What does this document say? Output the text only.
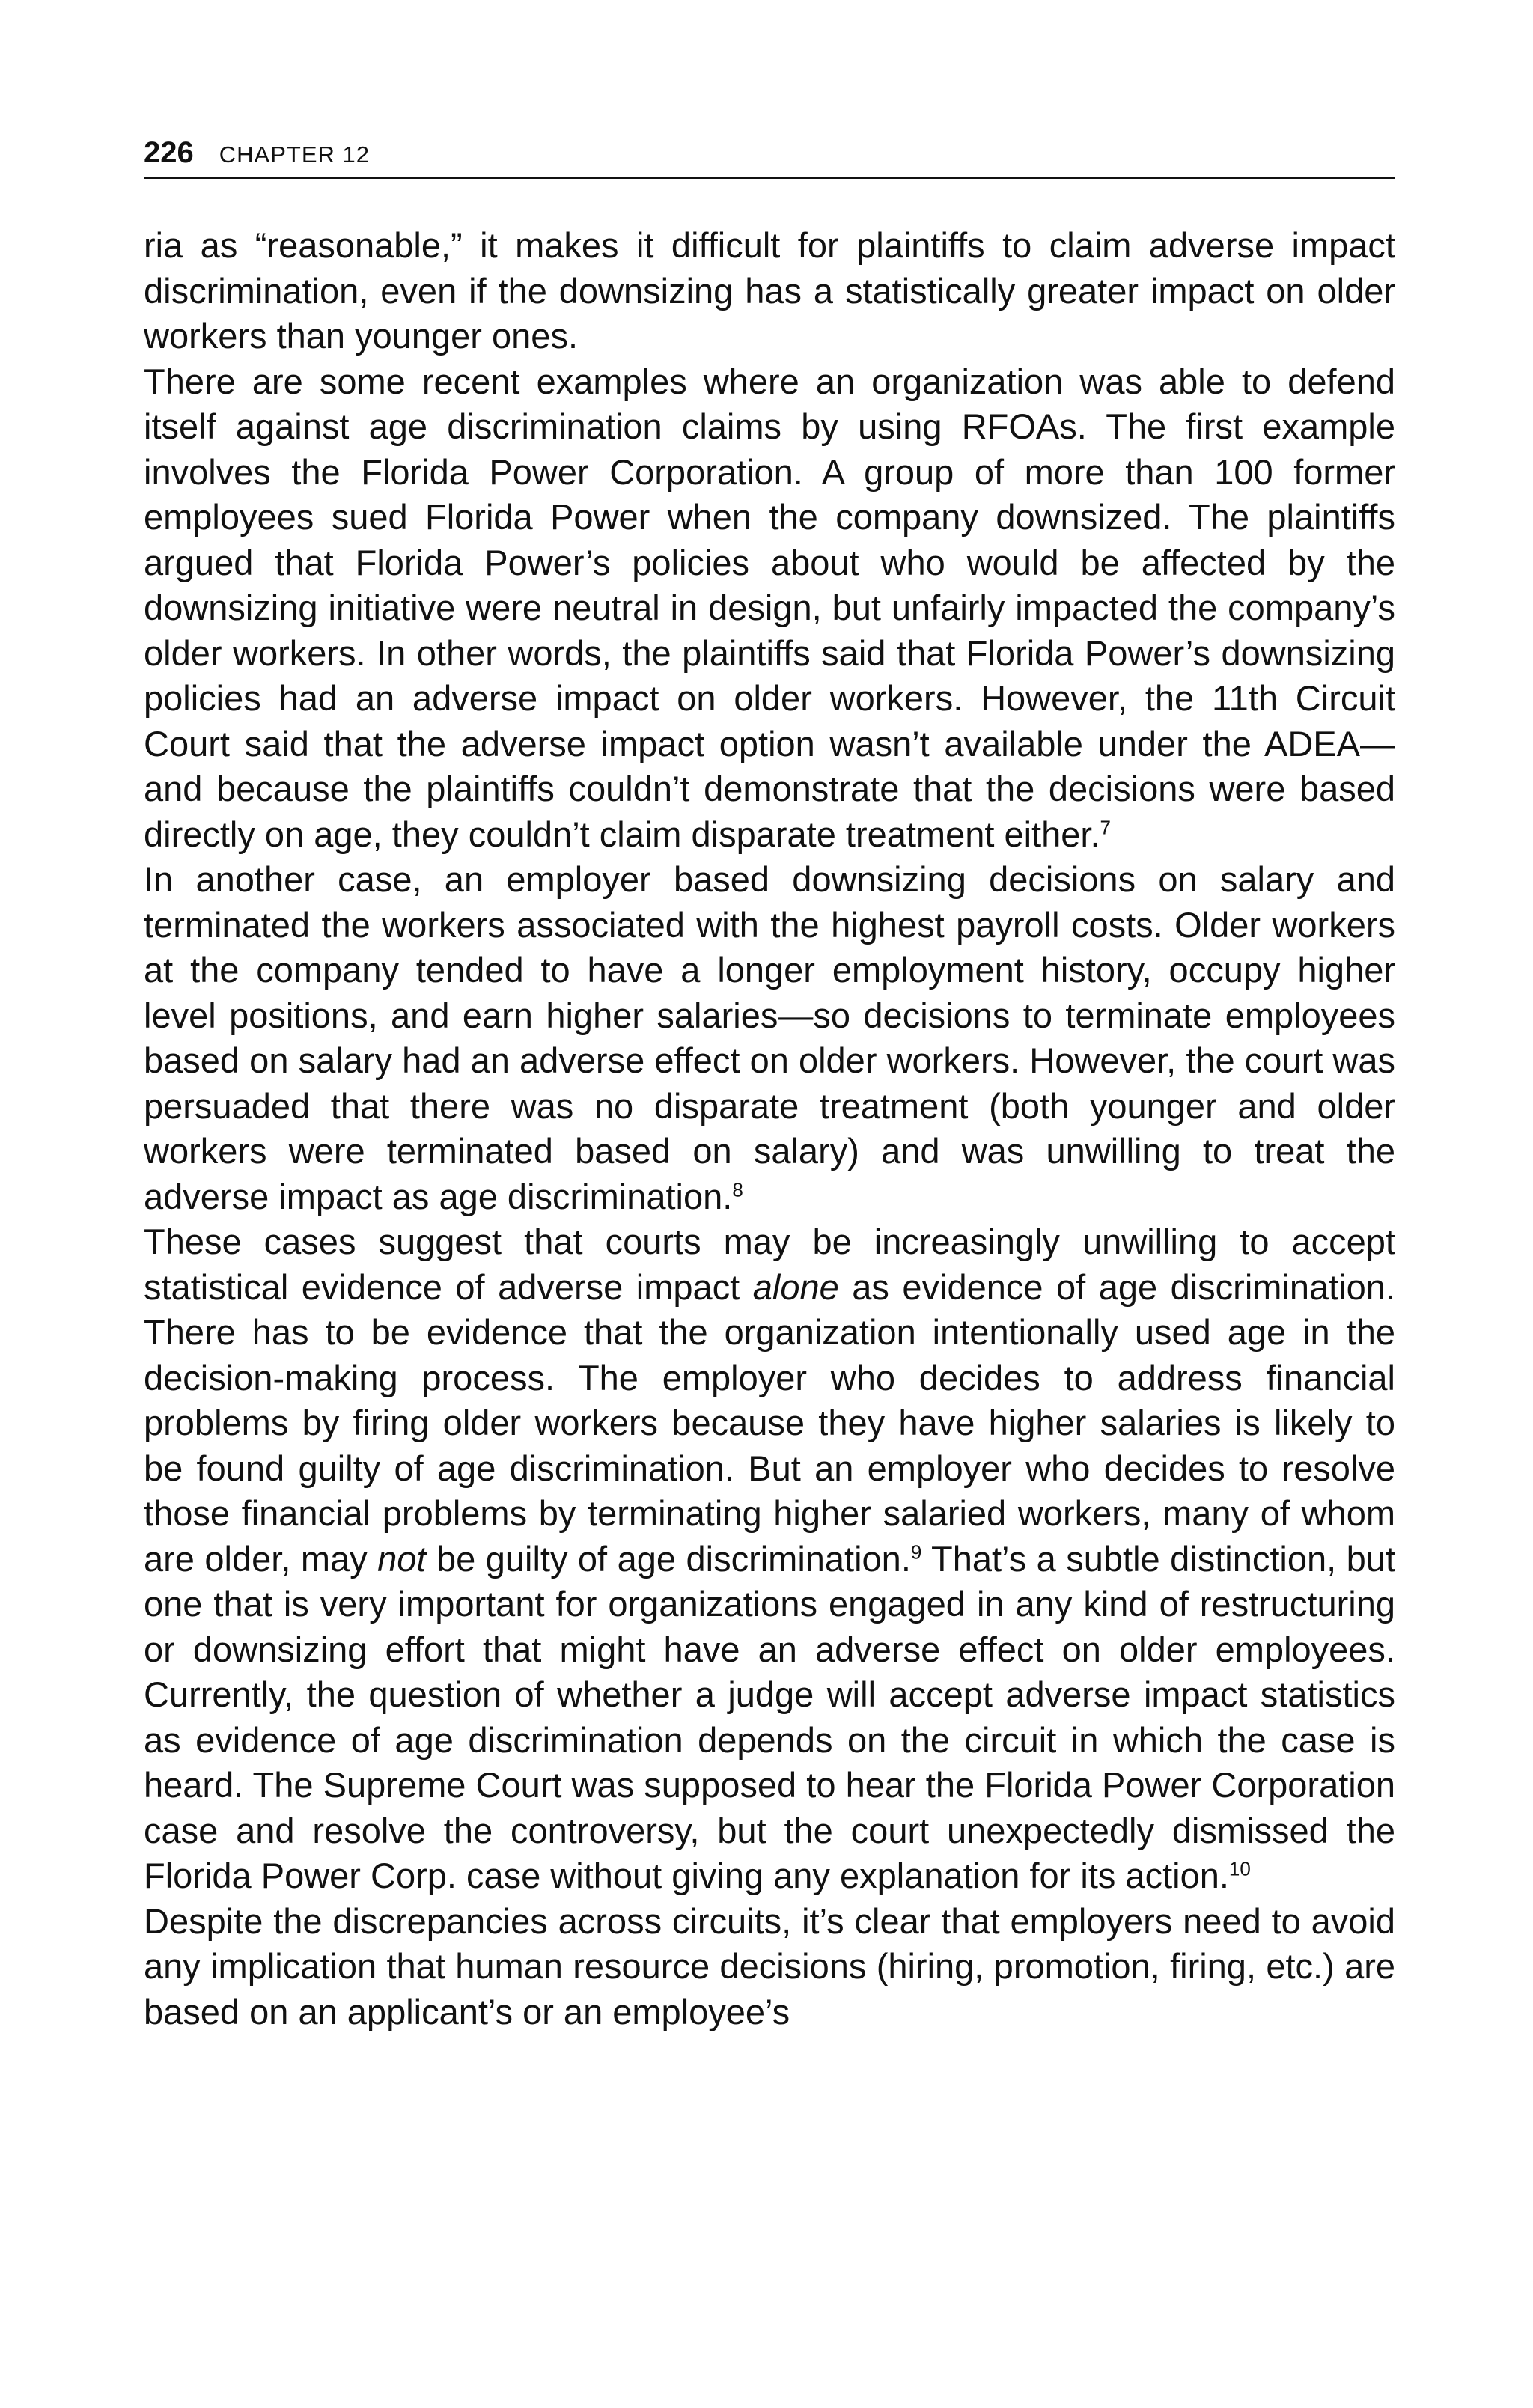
226 CHAPTER 12

ria as “reasonable,” it makes it difficult for plaintiffs to claim adverse impact discrimination, even if the downsizing has a statistically greater impact on older workers than younger ones.

There are some recent examples where an organization was able to defend itself against age discrimination claims by using RFOAs. The first example involves the Florida Power Corporation. A group of more than 100 former employees sued Florida Power when the company downsized. The plaintiffs argued that Florida Power’s policies about who would be affected by the downsizing initiative were neutral in design, but unfairly impacted the company’s older workers. In other words, the plaintiffs said that Florida Power’s downsizing policies had an adverse impact on older workers. However, the 11th Circuit Court said that the adverse impact option wasn’t available under the ADEA—and because the plaintiffs couldn’t demonstrate that the decisions were based directly on age, they couldn’t claim disparate treatment either.$^7$

In another case, an employer based downsizing decisions on salary and terminated the workers associated with the highest payroll costs. Older workers at the company tended to have a longer employment history, occupy higher level positions, and earn higher salaries—so decisions to terminate employees based on salary had an adverse effect on older workers. However, the court was persuaded that there was no disparate treatment (both younger and older workers were terminated based on salary) and was unwilling to treat the adverse impact as age discrimination.$^8$

These cases suggest that courts may be increasingly unwilling to accept statistical evidence of adverse impact alone as evidence of age discrimination. There has to be evidence that the organization intentionally used age in the decision-making process. The employer who decides to address financial problems by firing older workers because they have higher salaries is likely to be found guilty of age discrimination. But an employer who decides to resolve those financial problems by terminating higher salaried workers, many of whom are older, may not be guilty of age discrimination.$^9$ That’s a subtle distinction, but one that is very important for organizations engaged in any kind of restructuring or downsizing effort that might have an adverse effect on older employees. Currently, the question of whether a judge will accept adverse impact statistics as evidence of age discrimination depends on the circuit in which the case is heard. The Supreme Court was supposed to hear the Florida Power Corporation case and resolve the controversy, but the court unexpectedly dismissed the Florida Power Corp. case without giving any explanation for its action.$^{10}$

Despite the discrepancies across circuits, it’s clear that employers need to avoid any implication that human resource decisions (hiring, promotion, firing, etc.) are based on an applicant’s or an employee’s
